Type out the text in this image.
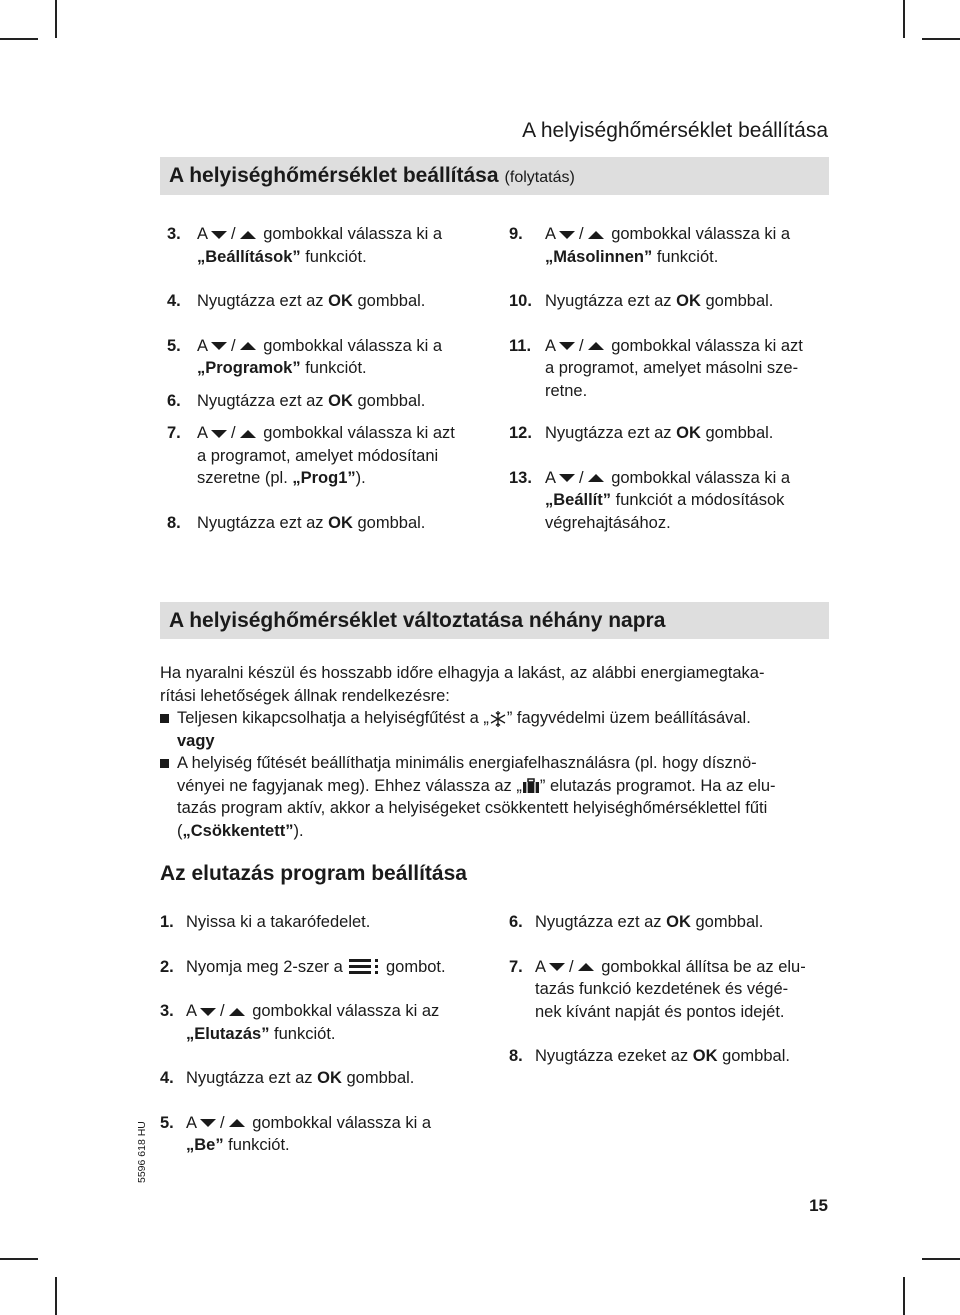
A helyiséghőmérséklet beállítása
A helyiséghőmérséklet beállítása (folytatás)
3. A / gombokkal válassza ki a
„Beállítások” funkciót.
4. Nyugtázza ezt az OK gombbal.
5. A / gombokkal válassza ki a
„Programok” funkciót.
6. Nyugtázza ezt az OK gombbal.
7. A / gombokkal válassza ki azt
a programot, amelyet módosítani
szeretne (pl. „Prog1”).
8. Nyugtázza ezt az OK gombbal.
9.	A / gombokkal válassza ki a
„Másolinnen” funkciót.
10. Nyugtázza ezt az OK gombbal.
11. A / gombokkal válassza ki azt
a programot, amelyet másolni sze-
retne.
12. Nyugtázza ezt az OK gombbal.
13. A / gombokkal válassza ki a
„Beállít” funkciót a módosítások
végrehajtásához.
A helyiséghőmérséklet változtatása néhány napra
Ha nyaralni készül és hosszabb időre elhagyja a lakást, az alábbi energiamegtaka-
rítási lehetőségek állnak rendelkezésre:
Teljesen kikapcsolhatja a helyiségfűtést a „ ” fagyvédelmi üzem beállításával.
vagy
A helyiség fűtését beállíthatja minimális energiafelhasználásra (pl. hogy dísznö-
vényei ne fagyjanak meg). Ehhez válassza az „ ” elutazás programot. Ha az elu-
tazás program aktív, akkor a helyiségeket csökkentett helyiséghőmérséklettel fűti
(„Csökkentett”).
Az elutazás program beállítása
1. Nyissa ki a takarófedelet.
2. Nyomja meg 2-szer a
gombot.
3. A / gombokkal válassza ki az
„Elutazás” funkciót.
4. Nyugtázza ezt az OK gombbal.
5. A / gombokkal válassza ki a
„Be” funkciót.
6. Nyugtázza ezt az OK gombbal.
7. A / gombokkal állítsa be az elu-
tazás funkció kezdetének és végé-
nek kívánt napját és pontos idejét.
8. Nyugtázza ezeket az OK gombbal.
5596 618 HU
15
